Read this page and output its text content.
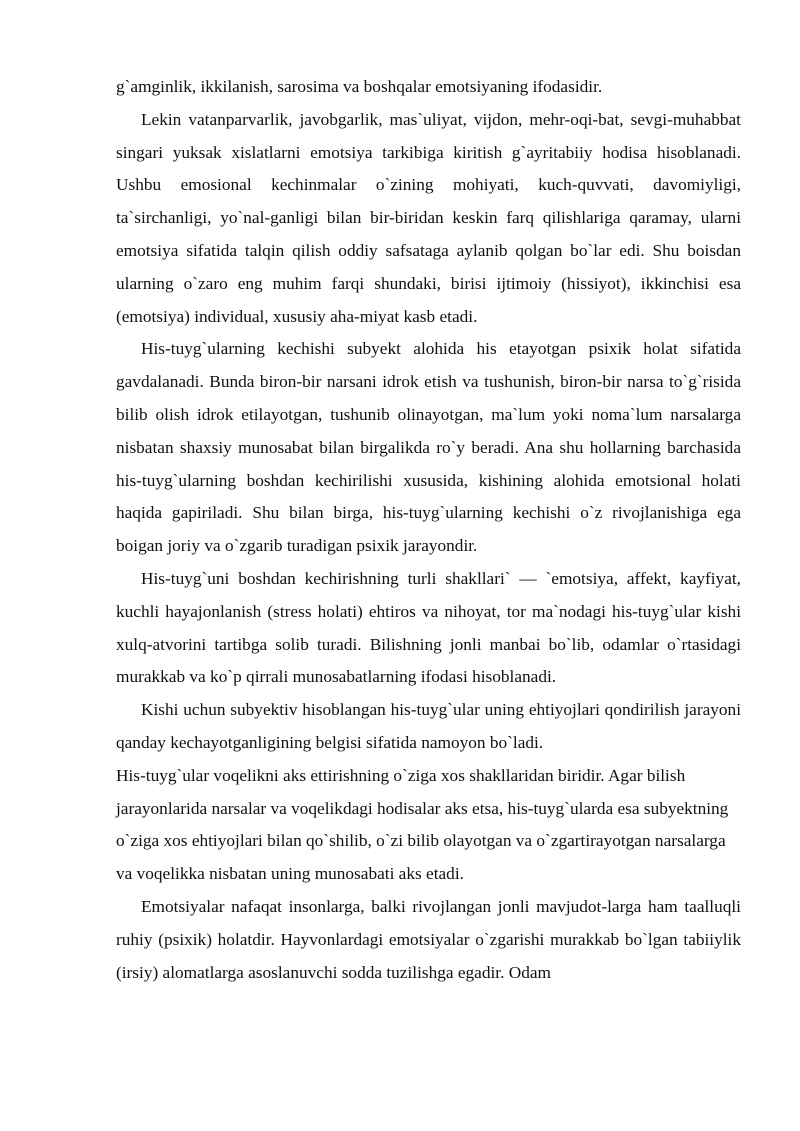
g`amginlik, ikkilanish, sarosima va boshqalar emotsiyaning ifodasidir.

Lekin vatanparvarlik, javobgarlik, mas`uliyat, vijdon, mehr-oqi-bat, sevgi-muhabbat singari yuksak xislatlarni emotsiya tarkibiga kiritish g`ayritabiiy hodisa hisoblanadi. Ushbu emosional kechinmalar o`zining mohiyati, kuch-quvvati, davomiyligi, ta`sirchanligi, yo`nal-ganligi bilan bir-biridan keskin farq qilishlariga qaramay, ularni emotsiya sifatida talqin qilish oddiy safsataga aylanib qolgan bo`lar edi. Shu boisdan ularning o`zaro eng muhim farqi shundaki, birisi ijtimoiy (hissiyot), ikkinchisi esa (emotsiya) individual, xususiy aha-miyat kasb etadi.

His-tuyg`ularning kechishi subyekt alohida his etayotgan psixik holat sifatida gavdalanadi. Bunda biron-bir narsani idrok etish va tushunish, biron-bir narsa to`g`risida bilib olish idrok etilayotgan, tushunib olinayotgan, ma`lum yoki noma`lum narsalarga nisbatan shaxsiy munosabat bilan birgalikda ro`y beradi. Ana shu hollarning barchasida his-tuyg`ularning boshdan kechirilishi xususida, kishining alohida emotsional holati haqida gapiriladi. Shu bilan birga, his-tuyg`ularning kechishi o`z rivojlanishiga ega boigan joriy va o`zgarib turadigan psixik jarayondir.

His-tuyg`uni boshdan kechirishning turli shakllari` — `emotsiya, affekt, kayfiyat, kuchli hayajonlanish (stress holati) ehtiros va nihoyat, tor ma`nodagi his-tuyg`ular kishi xulq-atvorini tartibga solib turadi. Bilishning jonli manbai bo`lib, odamlar o`rtasidagi murakkab va ko`p qirrali munosabatlarning ifodasi hisoblanadi.

Kishi uchun subyektiv hisoblangan his-tuyg`ular uning ehtiyojlari qondirilish jarayoni qanday kechayotganligining belgisi sifatida namoyon bo`ladi.

His-tuyg`ular voqelikni aks ettirishning o`ziga xos shakllaridan biridir. Agar bilish jarayonlarida narsalar va voqelikdagi hodisalar aks etsa, his-tuyg`ularda esa subyektning o`ziga xos ehtiyojlari bilan qo`shilib, o`zi bilib olayotgan va o`zgartirayotgan narsalarga va voqelikka nisbatan uning munosabati aks etadi.

Emotsiyalar nafaqat insonlarga, balki rivojlangan jonli mavjudot-larga ham taalluqli ruhiy (psixik) holatdir. Hayvonlardagi emotsiyalar o`zgarishi murakkab bo`lgan tabiiylik (irsiy) alomatlarga asoslanuvchi sodda tuzilishga egadir. Odam
